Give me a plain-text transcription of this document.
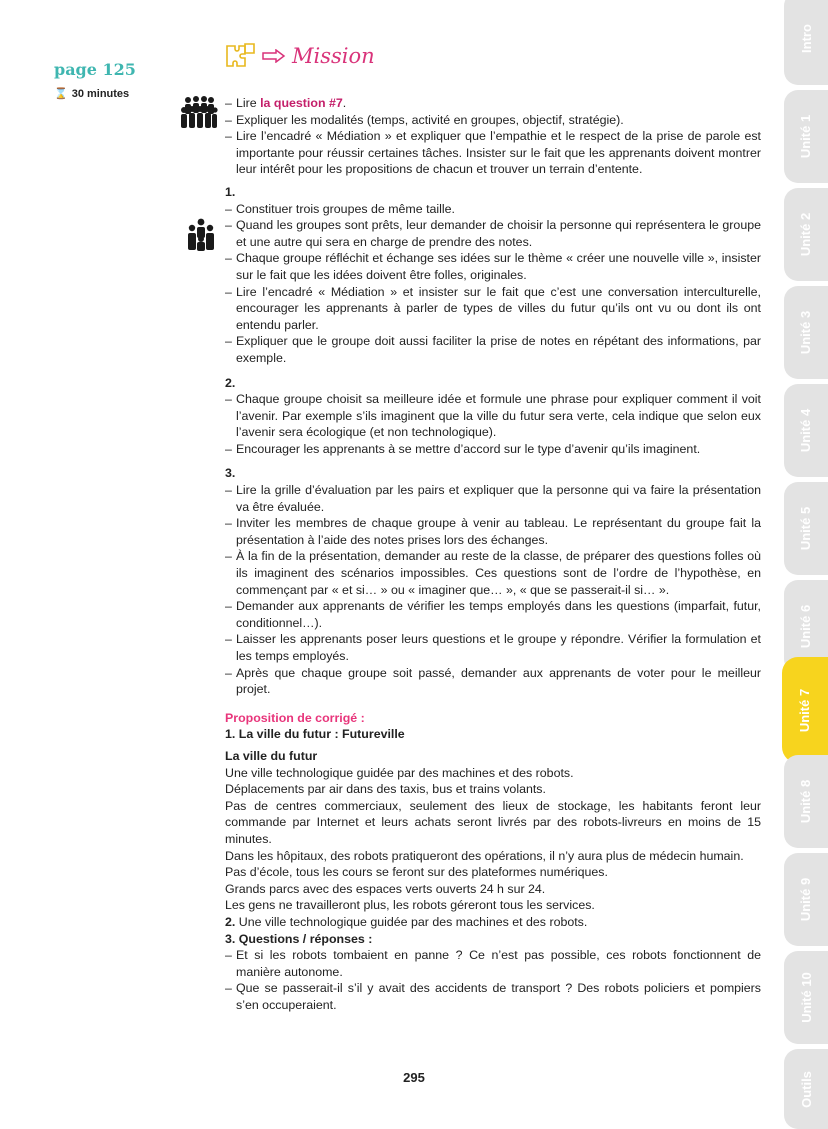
page 125
⌛ 30 minutes
Mission
– Lire la question #7.
– Expliquer les modalités (temps, activité en groupes, objectif, stratégie).
– Lire l’encadré « Médiation » et expliquer que l’empathie et le respect de la prise de parole est importante pour réussir certaines tâches. Insister sur le fait que les apprenants doivent montrer leur intérêt pour les propositions de chacun et trouver un terrain d’entente.
1.
– Constituer trois groupes de même taille.
– Quand les groupes sont prêts, leur demander de choisir la personne qui représentera le groupe et une autre qui sera en charge de prendre des notes.
– Chaque groupe réfléchit et échange ses idées sur le thème « créer une nouvelle ville », insister sur le fait que les idées doivent être folles, originales.
– Lire l’encadré « Médiation » et insister sur le fait que c’est une conversation interculturelle, encourager les apprenants à parler de types de villes du futur qu’ils ont vu ou dont ils ont entendu parler.
– Expliquer que le groupe doit aussi faciliter la prise de notes en répétant des informations, par exemple.
2.
– Chaque groupe choisit sa meilleure idée et formule une phrase pour expliquer comment il voit l’avenir. Par exemple s’ils imaginent que la ville du futur sera verte, cela indique que selon eux l’avenir sera écologique (et non technologique).
– Encourager les apprenants à se mettre d’accord sur le type d’avenir qu’ils imaginent.
3.
– Lire la grille d’évaluation par les pairs et expliquer que la personne qui va faire la présentation va être évaluée.
– Inviter les membres de chaque groupe à venir au tableau. Le représentant du groupe fait la présentation à l’aide des notes prises lors des échanges.
– À la fin de la présentation, demander au reste de la classe, de préparer des questions folles où ils imaginent des scénarios impossibles. Ces questions sont de l’ordre de l’hypothèse, en commençant par « et si… » ou « imaginer que… », « que se passerait-il si… ».
– Demander aux apprenants de vérifier les temps employés dans les questions (imparfait, futur, conditionnel…).
– Laisser les apprenants poser leurs questions et le groupe y répondre. Vérifier la formulation et les temps employés.
– Après que chaque groupe soit passé, demander aux apprenants de voter pour le meilleur projet.
Proposition de corrigé :
1. La ville du futur : Futureville
La ville du futur
Une ville technologique guidée par des machines et des robots.
Déplacements par air dans des taxis, bus et trains volants.
Pas de centres commerciaux, seulement des lieux de stockage, les habitants feront leur commande par Internet et leurs achats seront livrés par des robots-livreurs en moins de 15 minutes.
Dans les hôpitaux, des robots pratiqueront des opérations, il n’y aura plus de médecin humain.
Pas d’école, tous les cours se feront sur des plateformes numériques.
Grands parcs avec des espaces verts ouverts 24 h sur 24.
Les gens ne travailleront plus, les robots géreront tous les services.
2. Une ville technologique guidée par des machines et des robots.
3. Questions / réponses :
– Et si les robots tombaient en panne ? Ce n’est pas possible, ces robots fonctionnent de manière autonome.
– Que se passerait-il s’il y avait des accidents de transport ? Des robots policiers et pompiers s’en occuperaient.
295
Intro
Unité 1
Unité 2
Unité 3
Unité 4
Unité 5
Unité 6
Unité 7
Unité 8
Unité 9
Unité 10
Outils
